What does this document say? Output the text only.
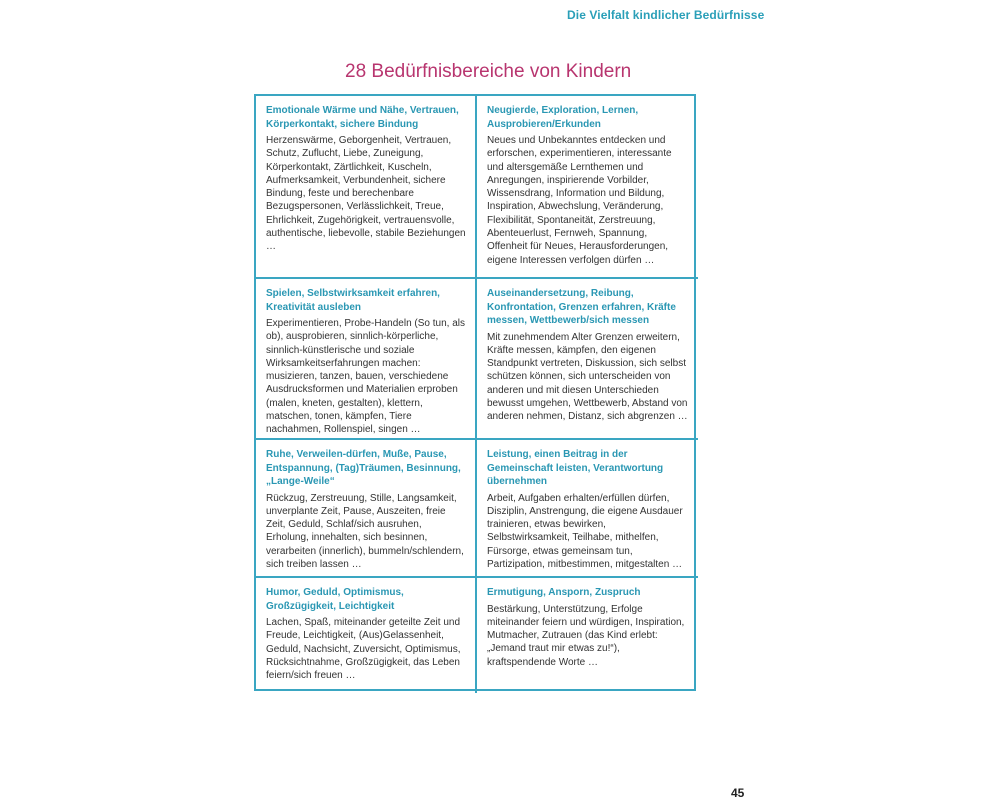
Die Vielfalt kindlicher Bedürfnisse
28 Bedürfnisbereiche von Kindern

Emotionale Wärme und Nähe, Vertrauen, Körperkontakt, sichere Bindung

Herzenswärme, Geborgenheit, Vertrauen, Schutz, Zuflucht, Liebe, Zuneigung, Körperkontakt, Zärtlichkeit, Kuscheln, Aufmerksamkeit, Verbundenheit, sichere Bindung, feste und berechenbare Bezugspersonen, Verlässlichkeit, Treue, Ehrlichkeit, Zugehörigkeit, vertrauensvolle, authentische, liebevolle, stabile Beziehungen …

Neugierde, Exploration, Lernen, Ausprobieren/Erkunden

Neues und Unbekanntes entdecken und erforschen, experimentieren, interessante und altersgemäße Lernthemen und Anregungen, inspirierende Vorbilder, Wissensdrang, Information und Bildung, Inspiration, Abwechslung, Veränderung, Flexibilität, Spontaneität, Zerstreuung, Abenteuerlust, Fernweh, Spannung, Offenheit für Neues, Herausforderungen, eigene Interessen verfolgen dürfen …

Spielen, Selbstwirksamkeit erfahren, Kreativität ausleben

Experimentieren, Probe-Handeln (So tun, als ob), ausprobieren, sinnlich-körperliche, sinnlich-künstlerische und soziale Wirksamkeitserfahrungen machen: musizieren, tanzen, bauen, verschiedene Ausdrucksformen und Materialien erproben (malen, kneten, gestalten), klettern, matschen, tonen, kämpfen, Tiere nachahmen, Rollenspiel, singen …

Auseinandersetzung, Reibung, Konfrontation, Grenzen erfahren, Kräfte messen, Wettbewerb/sich messen

Mit zunehmendem Alter Grenzen erweitern, Kräfte messen, kämpfen, den eigenen Standpunkt vertreten, Diskussion, sich selbst schützen können, sich unterscheiden von anderen und mit diesen Unterschieden bewusst umgehen, Wettbewerb, Abstand von anderen nehmen, Distanz, sich abgrenzen …

Ruhe, Verweilen-dürfen, Muße, Pause, Entspannung, (Tag)Träumen, Besinnung, „Lange-Weile“

Rückzug, Zerstreuung, Stille, Langsamkeit, unverplante Zeit, Pause, Auszeiten, freie Zeit, Geduld, Schlaf/sich ausruhen, Erholung, innehalten, sich besinnen, verarbeiten (innerlich), bummeln/schlendern, sich treiben lassen …

Leistung, einen Beitrag in der Gemeinschaft leisten, Verantwortung übernehmen

Arbeit, Aufgaben erhalten/erfüllen dürfen, Disziplin, Anstrengung, die eigene Ausdauer trainieren, etwas bewirken, Selbstwirksamkeit, Teilhabe, mithelfen, Fürsorge, etwas gemeinsam tun, Partizipation, mitbestimmen, mitgestalten …

Humor, Geduld, Optimismus, Großzügigkeit, Leichtigkeit

Lachen, Spaß, miteinander geteilte Zeit und Freude, Leichtigkeit, (Aus)Gelassenheit, Geduld, Nachsicht, Zuversicht, Optimismus, Rücksichtnahme, Großzügigkeit, das Leben feiern/sich freuen …

Ermutigung, Ansporn, Zuspruch

Bestärkung, Unterstützung, Erfolge miteinander feiern und würdigen, Inspiration, Mutmacher, Zutrauen (das Kind erlebt: „Jemand traut mir etwas zu!“), kraftspendende Worte …

45
